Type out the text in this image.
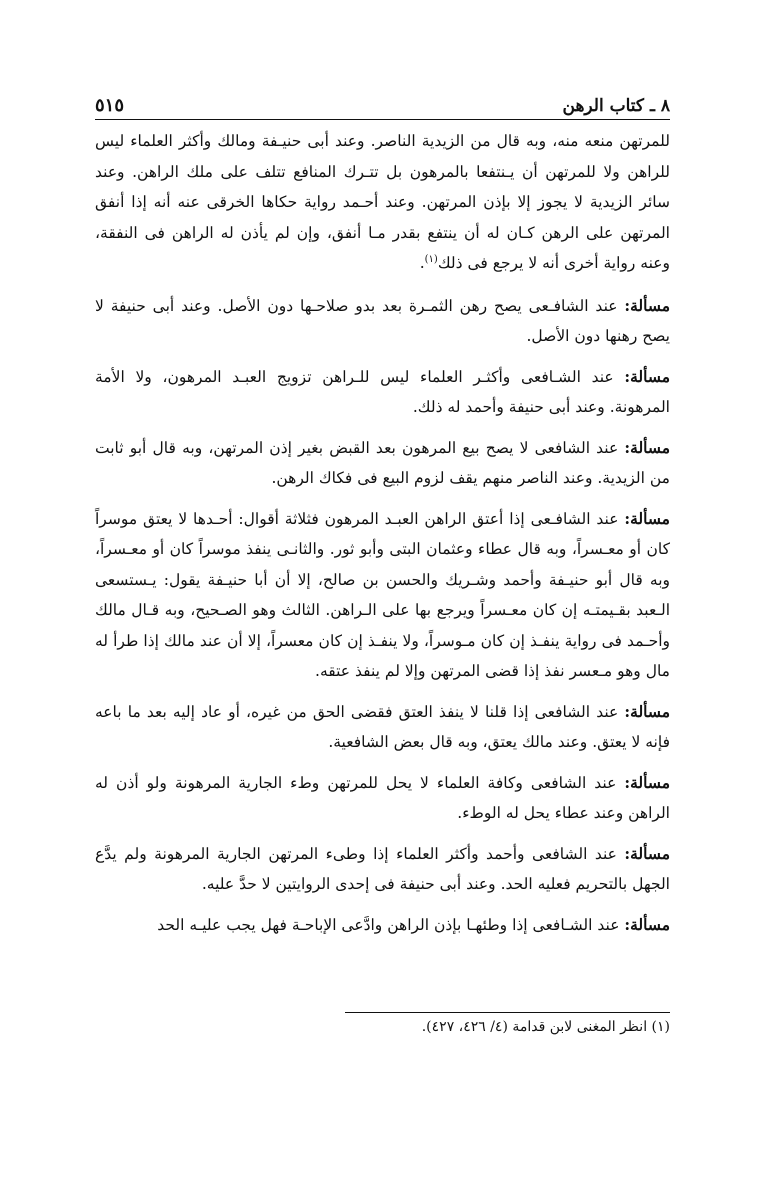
٥١٥	٨ ـ كتاب الرهن

للمرتهن منعه منه، وبه قال من الزيدية الناصر. وعند أبى حنيـفة ومالك وأكثر العلماء ليس للراهن ولا للمرتهن أن يـنتفعا بالمرهون بل تتـرك المنافع تتلف على ملك الراهن. وعند سائر الزيدية لا يجوز إلا بإذن المرتهن. وعند أحـمد رواية حكاها الخرقى عنه أنه إذا أنفق المرتهن على الرهن كـان له أن ينتفع بقدر مـا أنفق، وإن لم يأذن له الراهن فى النفقة، وعنه رواية أخرى أنه لا يرجع فى ذلك$^{(١)}$.

مسألة: عند الشافـعى يصح رهن الثمـرة بعد بدو صلاحـها دون الأصل. وعند أبى حنيفة لا يصح رهنها دون الأصل.

مسألة: عند الشـافعى وأكثـر العلماء ليس للـراهن تزويج العبـد المرهون، ولا الأمة المرهونة. وعند أبى حنيفة وأحمد له ذلك.

مسألة: عند الشافعى لا يصح بيع المرهون بعد القبض بغير إذن المرتهن، وبه قال أبو ثابت من الزيدية. وعند الناصر منهم يقف لزوم البيع فى فكاك الرهن.

مسألة: عند الشافـعى إذا أعتق الراهن العبـد المرهون فثلاثة أقوال: أحـدها لا يعتق موسراً كان أو معـسراً، وبه قال عطاء وعثمان البتى وأبو ثور. والثانـى ينفذ موسراً كان أو معـسراً، وبه قال أبو حنيـفة وأحمد وشـريك والحسن بن صالح، إلا أن أبا حنيـفة يقول: يـستسعى الـعبد بقـيمتـه إن كان معـسراً ويرجع بها على الـراهن. الثالث وهو الصـحيح، وبه قـال مالك وأحـمد فى رواية ينفـذ إن كان مـوسراً، ولا ينفـذ إن كان معسراً، إلا أن عند مالك إذا طرأ له مال وهو مـعسر نفذ إذا قضى المرتهن وإلا لم ينفذ عتقه.

مسألة: عند الشافعى إذا قلنا لا ينفذ العتق فقضى الحق من غيره، أو عاد إليه بعد ما باعه فإنه لا يعتق. وعند مالك يعتق، وبه قال بعض الشافعية.

مسألة: عند الشافعى وكافة العلماء لا يحل للمرتهن وطء الجارية المرهونة ولو أذن له الراهن وعند عطاء يحل له الوطء.

مسألة: عند الشافعى وأحمد وأكثر العلماء إذا وطىء المرتهن الجارية المرهونة ولم يدَّع الجهل بالتحريم فعليه الحد. وعند أبى حنيفة فى إحدى الروايتين لا حدَّ عليه.

مسألة: عند الشـافعى إذا وطئهـا بإذن الراهن وادَّعى الإباحـة فهل يجب عليـه الحد

(١) انظر المغنى لابن قدامة (٤/ ٤٢٦، ٤٢٧).
